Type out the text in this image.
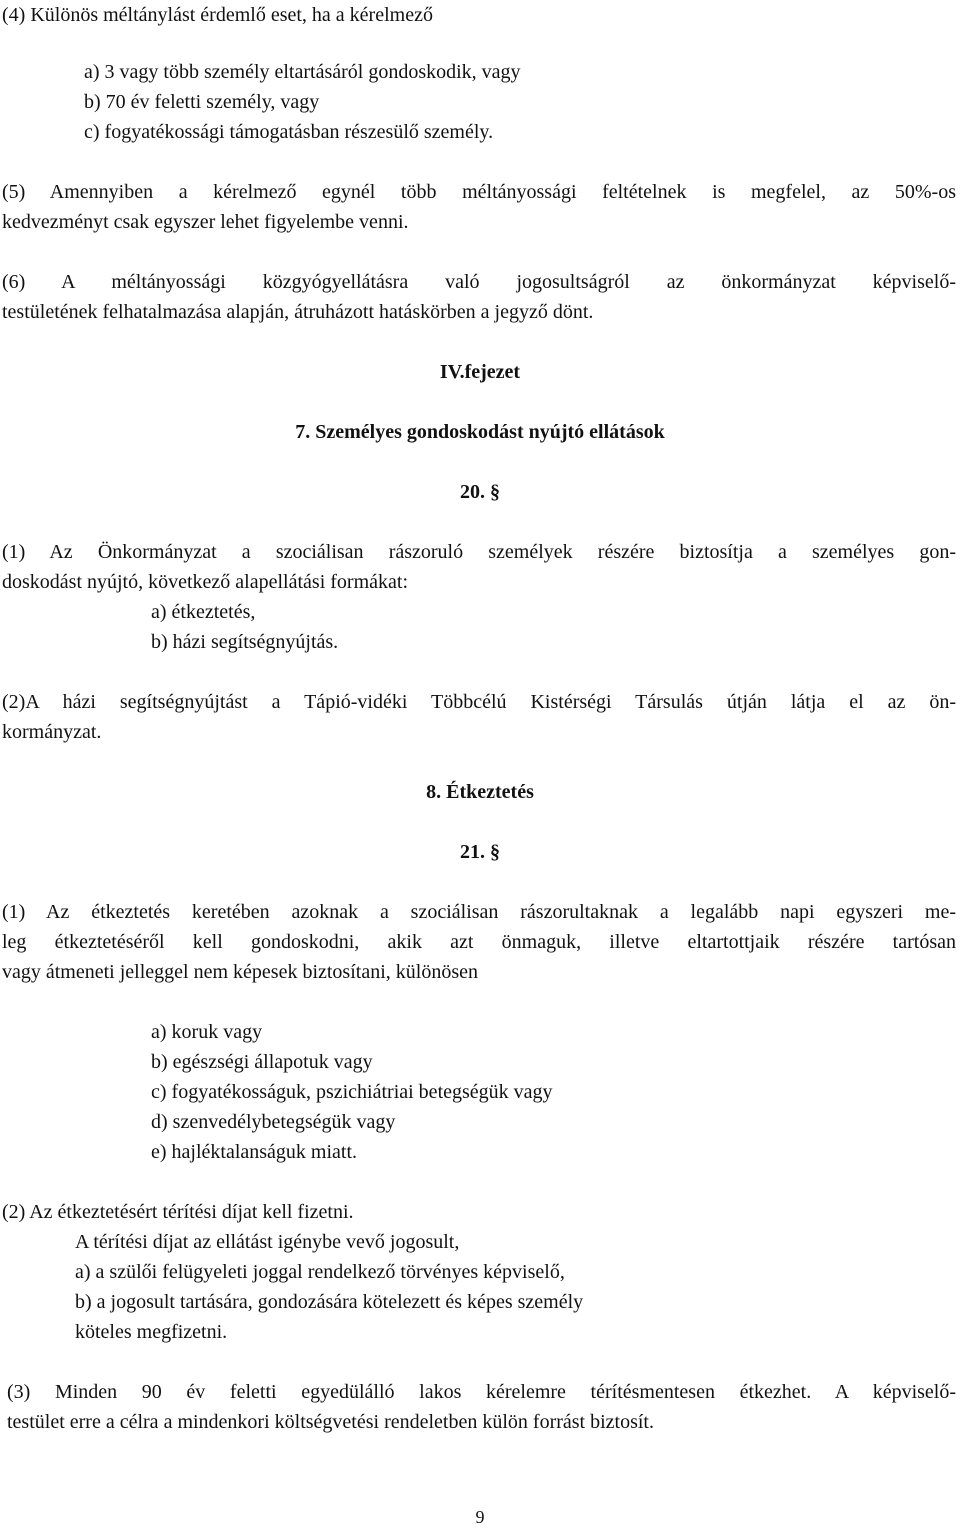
(4) Különös méltánylást érdemlő eset, ha a kérelmező
a) 3 vagy több személy eltartásáról gondoskodik, vagy
b) 70 év feletti személy, vagy
c) fogyatékossági támogatásban részesülő személy.
(5) Amennyiben a kérelmező egynél több méltányossági feltételnek is megfelel, az 50%-os
kedvezményt csak egyszer lehet figyelembe venni.
(6) A méltányossági közgyógyellátásra való jogosultságról az önkormányzat képviselő-
testületének felhatalmazása alapján, átruházott hatáskörben a jegyző dönt.
IV.fejezet
7. Személyes gondoskodást nyújtó ellátások
20. §
(1) Az Önkormányzat a szociálisan rászoruló személyek részére biztosítja a személyes gon-
doskodást nyújtó, következő alapellátási formákat:
a) étkeztetés,
b) házi segítségnyújtás.
(2)A házi segítségnyújtást a Tápió-vidéki Többcélú Kistérségi Társulás útján látja el az ön-
kormányzat.
8. Étkeztetés
21. §
(1) Az étkeztetés keretében azoknak a szociálisan rászorultaknak a legalább napi egyszeri me-
leg étkeztetéséről kell gondoskodni, akik azt önmaguk, illetve eltartottjaik részére tartósan
vagy átmeneti jelleggel nem képesek biztosítani, különösen
a) koruk vagy
b) egészségi állapotuk vagy
c) fogyatékosságuk, pszichiátriai betegségük vagy
d) szenvedélybetegségük vagy
e) hajléktalanságuk miatt.
(2) Az étkeztetésért térítési díjat kell fizetni.
A térítési díjat az ellátást igénybe vevő jogosult,
a) a szülői felügyeleti joggal rendelkező törvényes képviselő,
b) a jogosult tartására, gondozására kötelezett és képes személy
köteles megfizetni.
(3) Minden 90 év feletti egyedülálló lakos kérelemre térítésmentesen étkezhet. A képviselő-
testület erre a célra a mindenkori költségvetési rendeletben külön forrást biztosít.
9
